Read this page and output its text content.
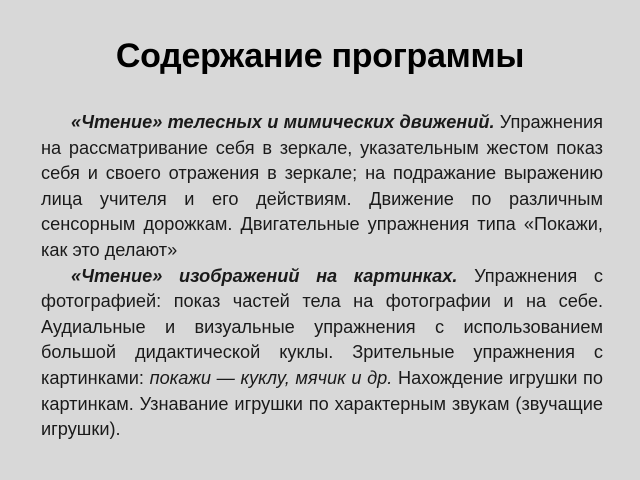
Содержание программы

«Чтение» телесных и мимических движений. Упражнения на рассматривание себя в зеркале, указательным жестом показ себя и своего отражения в зеркале; на подражание выражению лица учителя и его действиям. Движение по различным сенсорным дорожкам. Двигательные упражнения типа «Покажи, как это делают»

«Чтение» изображений на картинках. Упражнения с фотографией: показ частей тела на фотографии и на себе. Аудиальные и визуальные упражнения с использованием большой дидактической куклы. Зрительные упражнения с картинками: покажи — куклу, мячик и др. Нахождение игрушки по картинкам. Узнавание игрушки по характерным звукам (звучащие игрушки).
